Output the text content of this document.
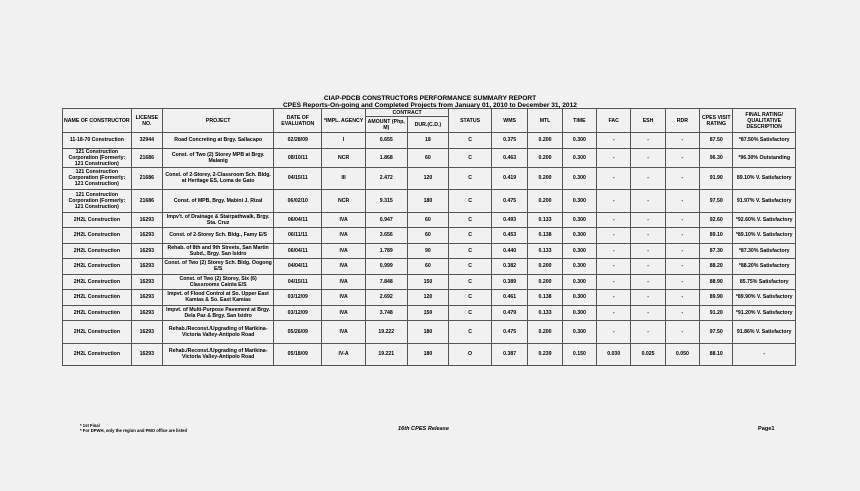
CIAP-PDCB CONSTRUCTORS PERFORMANCE SUMMARY REPORT
CPES Reports-On-going and Completed Projects from January 01, 2010 to December 31, 2012
NAME OF CONSTRUCTOR	LICENSE NO.	PROJECT	DATE OF EVALUATION	*IMPL. AGENCY	CONTRACT		STATUS	WMS	MTL	TIME	FAC	ESH	RDR	CPES VISIT RATING	FINAL RATING/ QUALITATIVE DESCRIPTION
					AMOUNT (Php, M)	DUR.(C.D.)									
11-18-70 Construction	32944	Road Concreting at Brgy. Sallacapo	02/28/09	I	0.655	18	C	0.375	0.200	0.300	-	-	-	87.50	*87.50% Satisfactory
121 Construction Corporation (Formerly: 121 Construction)	21686	Const. of Two (2) Storey MPB at Brgy. Malanig	08/10/11	NCR	1.868	60	C	0.463	0.200	0.300	-	-	-	96.30	*96.30% Outstanding
121 Construction Corporation (Formerly: 121 Construction)	21686	Const. of 2-Storey, 2-Classroom Sch. Bldg. at Heritage ES, Loma de Gato	04/15/11	III	2.472	120	C	0.419	0.200	0.300	-	-	-	91.90	89.10% V. Satisfactory
121 Construction Corporation (Formerly: 121 Construction)	21686	Const. of MPB, Brgy. Mabini J. Rizal	06/02/10	NCR	9.315	180	C	0.475	0.200	0.300	-	-	-	97.50	91.97% V. Satisfactory
2H2L Construction	16293	Impv't. of Drainage & Stairpathwalk, Brgy. Sta. Cruz	06/04/11	IVA	0.947	60	C	0.493	0.133	0.300	-	-	-	92.60	*92.60% V. Satisfactory
2H2L Construction	16293	Const. of 2-Storey Sch. Bldg., Famy E/S	06/11/11	IVA	3.656	60	C	0.453	0.138	0.300	-	-	-	89.10	*89.10% V. Satisfactory
2H2L Construction	16293	Rehab. of 8th and 9th Streets, San Martin Subd., Brgy. San Isidro	06/04/11	IVA	1.789	90	C	0.440	0.133	0.300	-	-	-	87.30	*87.30% Satisfactory
2H2L Construction	16293	Const. of Two (2) Storey Sch. Bldg. Oogong E/S	04/04/11	IVA	0.999	60	C	0.382	0.200	0.300	-	-	-	88.20	*88.20% Satisfactory
2H2L Construction	16293	Const. of Two (2) Storey, Six (6) Classrooms Cainta E/S	04/15/11	IVA	7.848	150	C	0.389	0.200	0.300	-	-	-	88.90	85.75% Satisfactory
2H2L Construction	16293	Impvt. of Flood Control at So. Upper East Kamias & So. East Kamias	03/12/09	IVA	2.692	120	C	0.461	0.138	0.300	-	-	-	89.90	*89.90% V. Satisfactory
2H2L Construction	16293	Impvt. of Multi-Purpose Pavement at Brgy. Dela Paz & Brgy. San Isidro	03/12/09	IVA	3.748	150	C	0.479	0.133	0.300	-	-	-	91.20	*91.20% V. Satisfactory
2H2L Construction	16293	Rehab./Reconst./Upgrading of Marikina-Victoria Valley-Antipolo Road	05/26/09	IVA	19.222	180	C	0.475	0.200	0.300	-	-	-	97.50	91.86% V. Satisfactory
2H2L Construction	16293	Rehab./Reconst./Upgrading of Marikina-Victoria Valley-Antipolo Road	05/18/09	IV-A	19.221	180	O	0.387	0.239	0.150	0.030	0.025	0.050	88.10	-
* 1st Final
* For DPWH, only the region and PMO office are listed	16th CPES Release	Page1
